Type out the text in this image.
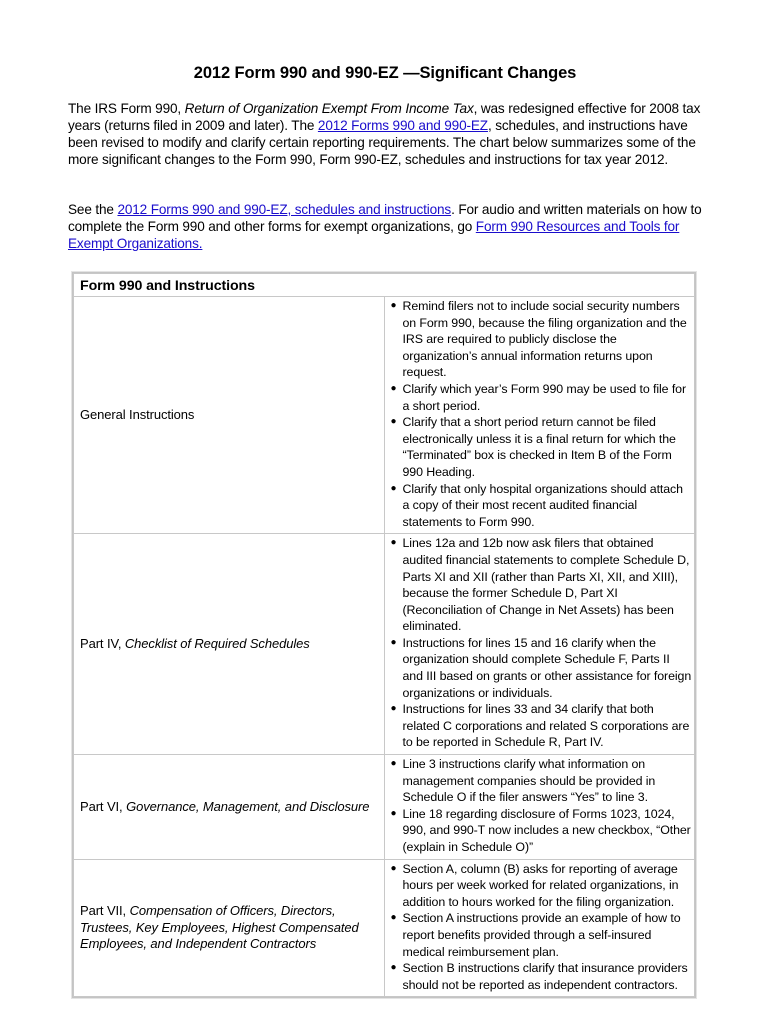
2012 Form 990 and 990-EZ —Significant Changes

The IRS Form 990, Return of Organization Exempt From Income Tax, was redesigned effective for 2008 tax years (returns filed in 2009 and later). The 2012 Forms 990 and 990-EZ, schedules, and instructions have been revised to modify and clarify certain reporting requirements. The chart below summarizes some of the more significant changes to the Form 990, Form 990-EZ, schedules and instructions for tax year 2012.

See the 2012 Forms 990 and 990-EZ, schedules and instructions. For audio and written materials on how to complete the Form 990 and other forms for exempt organizations, go Form 990 Resources and Tools for Exempt Organizations.

Form 990 and Instructions	
General Instructions	
● Remind filers not to include social security numbers on Form 990, because the filing organization and the IRS are required to publicly disclose the organization’s annual information returns upon request.
● Clarify which year’s Form 990 may be used to file for a short period.
● Clarify that a short period return cannot be filed electronically unless it is a final return for which the “Terminated” box is checked in Item B of the Form 990 Heading.
● Clarify that only hospital organizations should attach a copy of their most recent audited financial statements to Form 990.

Part IV, Checklist of Required Schedules	
● Lines 12a and 12b now ask filers that obtained audited financial statements to complete Schedule D, Parts XI and XII (rather than Parts XI, XII, and XIII), because the former Schedule D, Part XI (Reconciliation of Change in Net Assets) has been eliminated.
● Instructions for lines 15 and 16 clarify when the organization should complete Schedule F, Parts II and III based on grants or other assistance for foreign organizations or individuals.
● Instructions for lines 33 and 34 clarify that both related C corporations and related S corporations are to be reported in Schedule R, Part IV.

Part VI, Governance, Management, and Disclosure	
● Line 3 instructions clarify what information on management companies should be provided in Schedule O if the filer answers “Yes” to line 3.
● Line 18 regarding disclosure of Forms 1023, 1024, 990, and 990-T now includes a new checkbox, “Other (explain in Schedule O)”

Part VII, Compensation of Officers, Directors, Trustees, Key Employees, Highest Compensated Employees, and Independent Contractors	
● Section A, column (B) asks for reporting of average hours per week worked for related organizations, in addition to hours worked for the filing organization.
● Section A instructions provide an example of how to report benefits provided through a self-insured medical reimbursement plan.
● Section B instructions clarify that insurance providers should not be reported as independent contractors.
